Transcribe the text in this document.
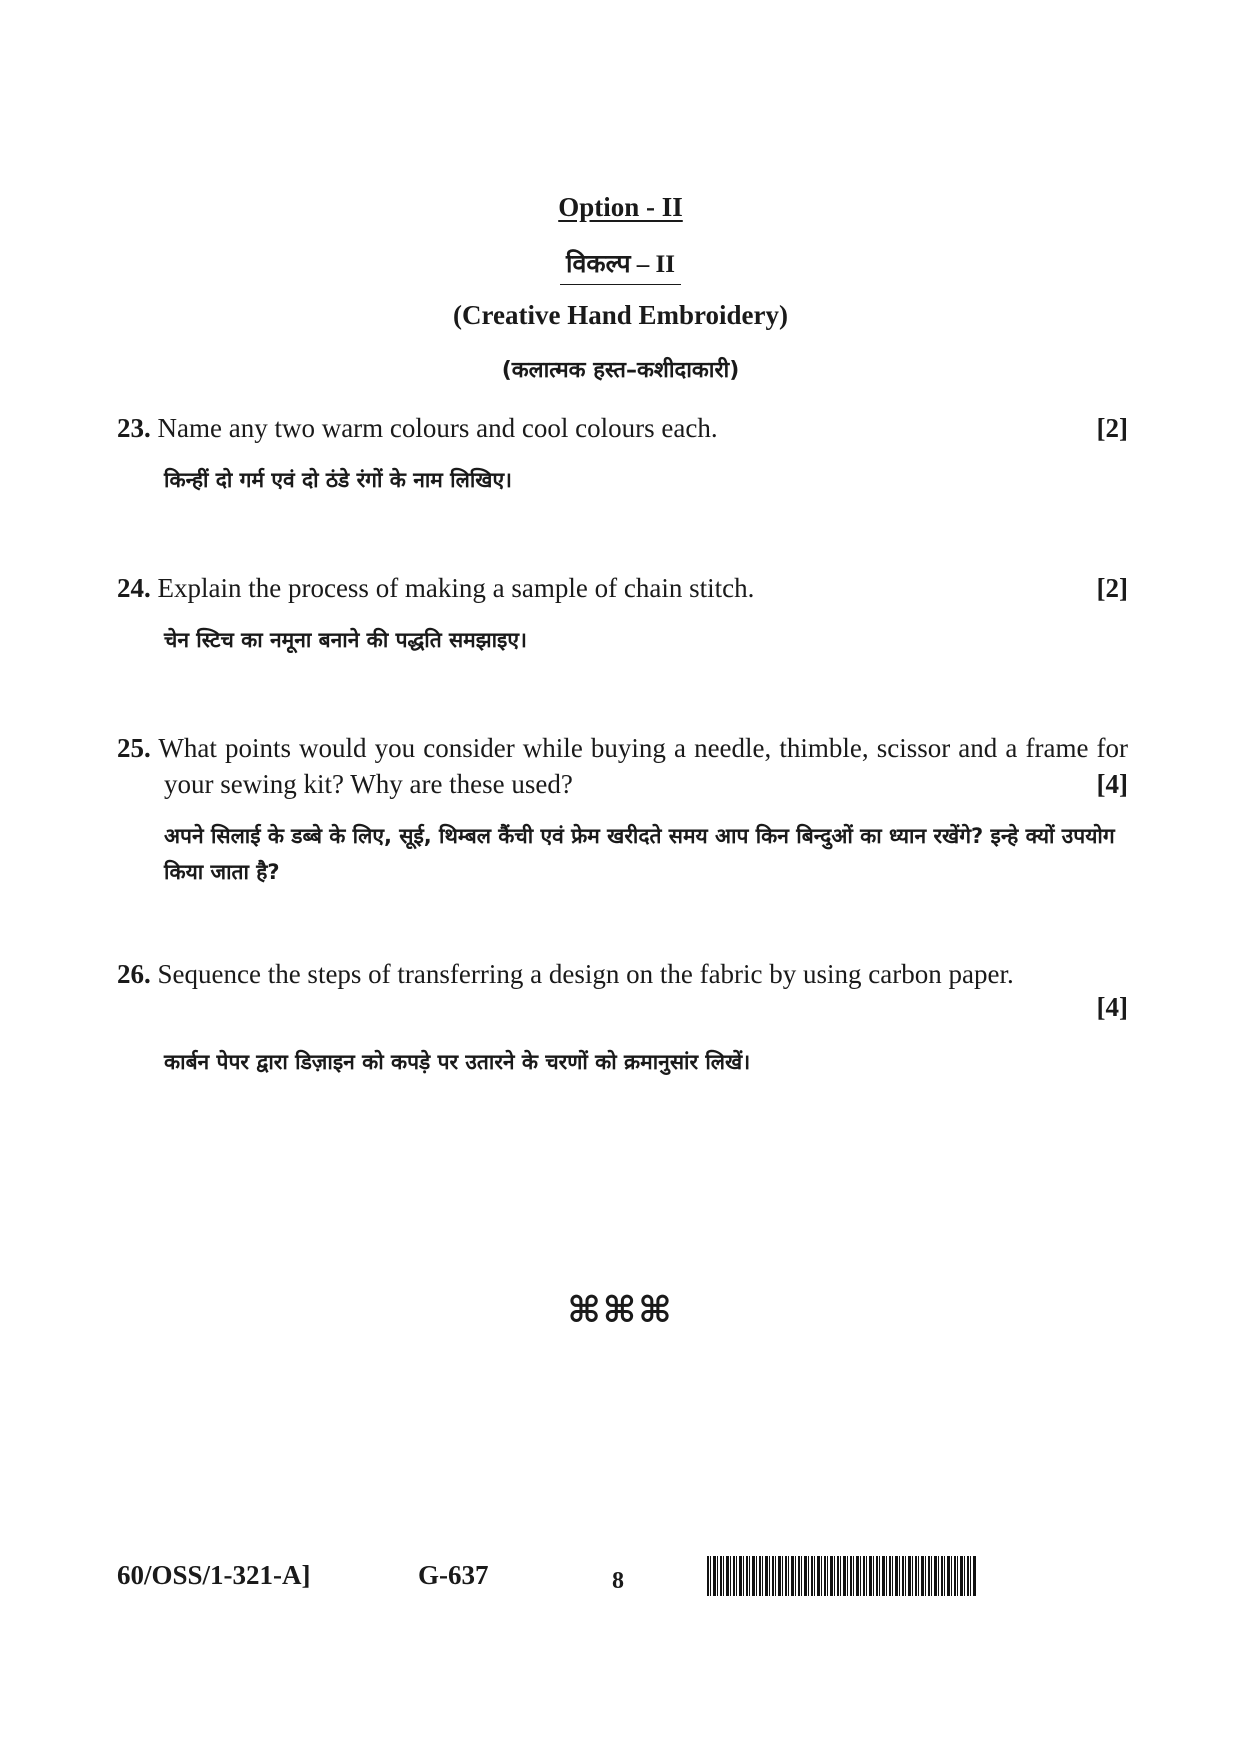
Option - II
विकल्प – II
(Creative Hand Embroidery)
(कलात्मक हस्त–कशीदाकारी)
23. Name any two warm colours and cool colours each.	[2]
किन्हीं दो गर्म एवं दो ठंडे रंगों के नाम लिखिए।
24. Explain the process of making a sample of chain stitch.	[2]
चेन स्टिच का नमूना बनाने की पद्धति समझाइए।
25. What points would you consider while buying a needle, thimble, scissor and a frame for your sewing kit? Why are these used?	[4]
अपने सिलाई के डब्बे के लिए, सूई, थिम्बल कैंची एवं फ्रेम खरीदते समय आप किन बिन्दुओं का ध्यान रखेंगे? इन्हे क्यों उपयोग किया जाता है?
26. Sequence the steps of transferring a design on the fabric by using carbon paper.
[4]
कार्बन पेपर द्वारा डिज़ाइन को कपड़े पर उतारने के चरणों को क्रमानुसांर लिखें।
⌘⌘⌘
60/OSS/1-321-A]	G-637	8
